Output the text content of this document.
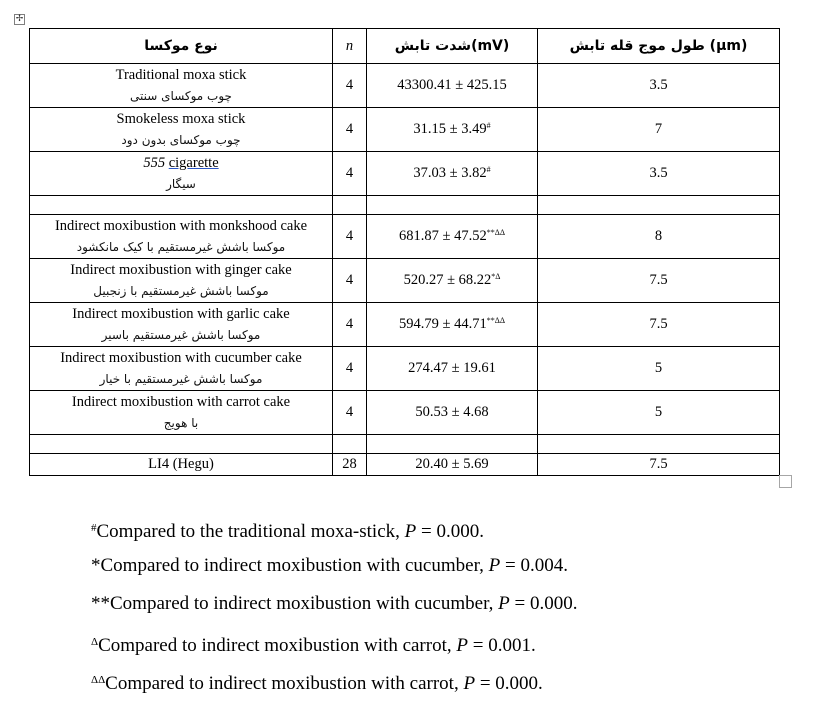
✢
نوع موکسا	n	شدت تابش(mV)	طول موج قله تابش (μm)

Traditional moxa stick
چوب موکسای سنتی	4	43300.41 ± 425.15	3.5

Smokeless moxa stick
چوب موکسای بدون دود	4	31.15 ± 3.49#	7

555 cigarette
سیگار	4	37.03 ± 3.82#	3.5

Indirect moxibustion with monkshood cake
موکسا باشش غیرمستقیم با کیک مانکشود	4	$681.87 \pm 47.52^{**\Delta\Delta}$	8

Indirect moxibustion with ginger cake
موکسا باشش غیرمستقیم با زنجبیل	4	$520.27 \pm 68.22^{*\Delta}$	7.5

Indirect moxibustion with garlic cake
موکسا باشش غیرمستقیم باسیر	4	$594.79 \pm 44.71^{**\Delta\Delta}$	7.5

Indirect moxibustion with cucumber cake
موکسا باشش غیرمستقیم با خیار	4	274.47 ± 19.61	5

Indirect moxibustion with carrot cake
با هویج	4	50.53 ± 4.68	5

LI4 (Hegu)	28	20.40 ± 5.69	7.5
#Compared to the traditional moxa-stick, P = 0.000.
*Compared to indirect moxibustion with cucumber, P = 0.004.
**Compared to indirect moxibustion with cucumber, P = 0.000.
$^\Delta$Compared to indirect moxibustion with carrot, P = 0.001.
$^{\Delta\Delta}$Compared to indirect moxibustion with carrot, P = 0.000.
